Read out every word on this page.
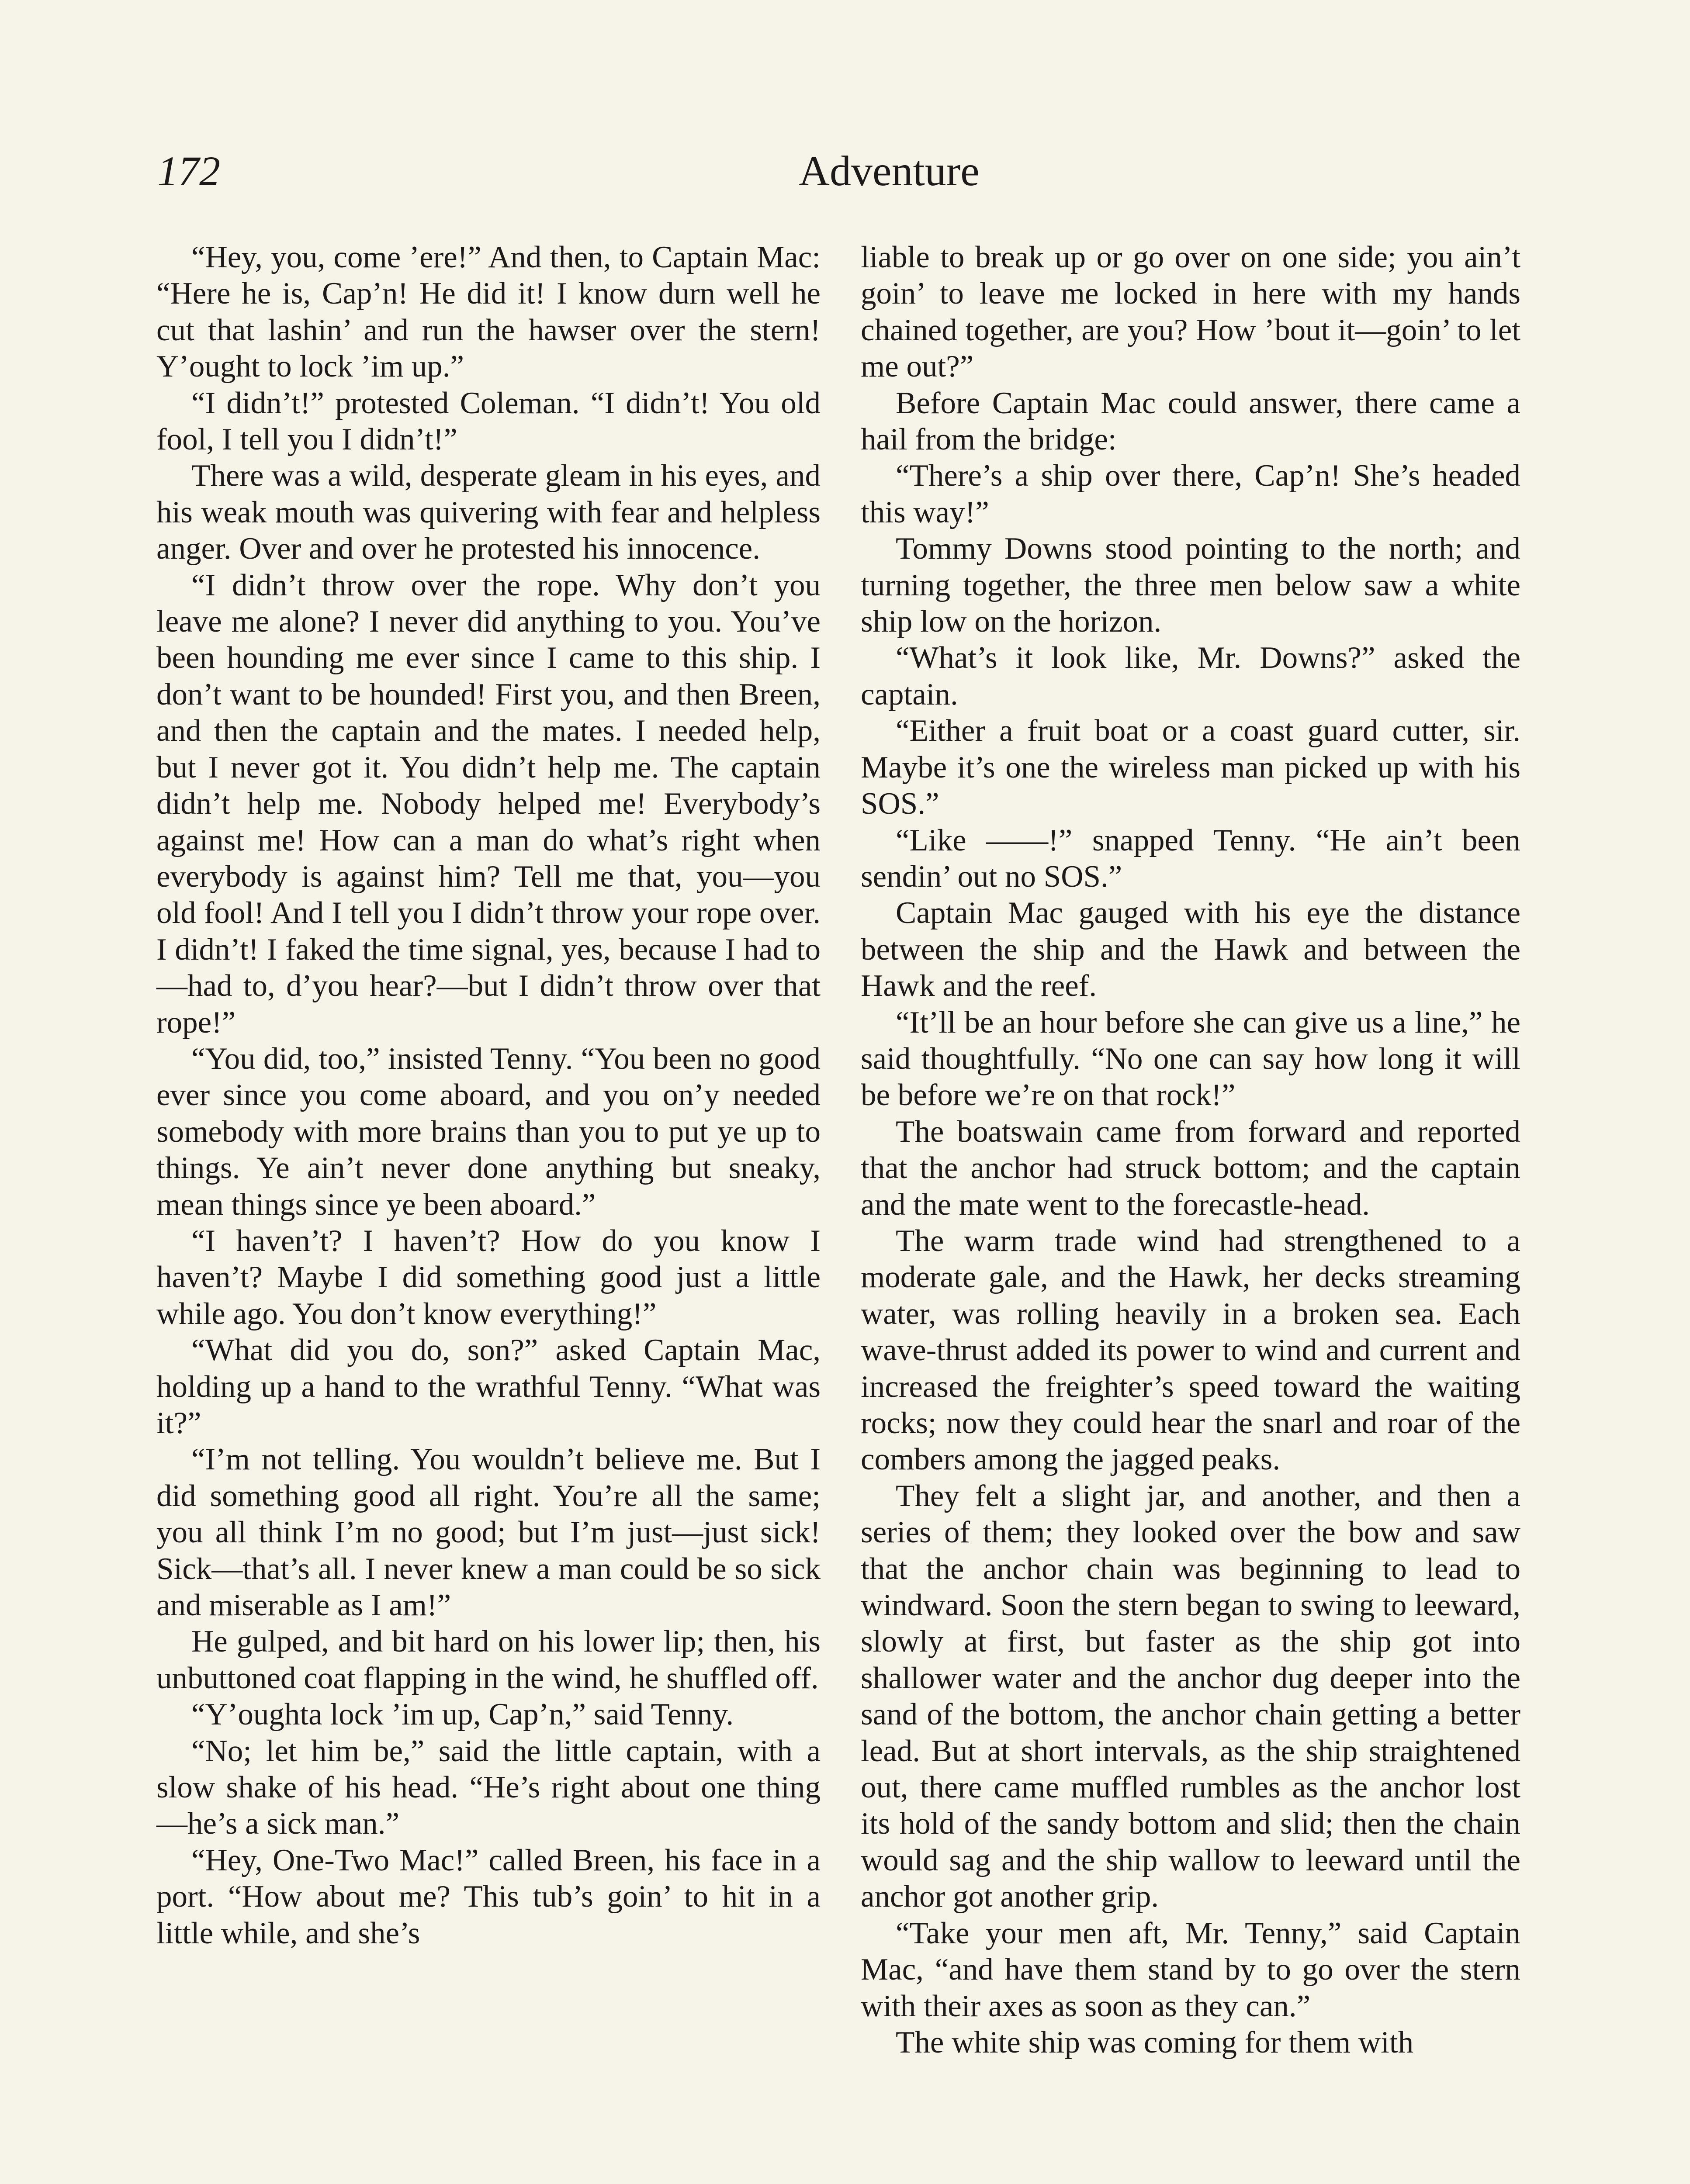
172	Adventure

“Hey, you, come ’ere!” And then, to Captain Mac: “Here he is, Cap’n! He did it! I know durn well he cut that lashin’ and run the hawser over the stern! Y’ought to lock ’im up.”

“I didn’t!” protested Coleman. “I didn’t! You old fool, I tell you I didn’t!”

There was a wild, desperate gleam in his eyes, and his weak mouth was quivering with fear and helpless anger. Over and over he protested his innocence.

“I didn’t throw over the rope. Why don’t you leave me alone? I never did anything to you. You’ve been hounding me ever since I came to this ship. I don’t want to be hounded! First you, and then Breen, and then the captain and the mates. I needed help, but I never got it. You didn’t help me. The captain didn’t help me. Nobody helped me! Everybody’s against me! How can a man do what’s right when everybody is against him? Tell me that, you—you old fool! And I tell you I didn’t throw your rope over. I didn’t! I faked the time signal, yes, because I had to—had to, d’you hear?—but I didn’t throw over that rope!”

“You did, too,” insisted Tenny. “You been no good ever since you come aboard, and you on’y needed somebody with more brains than you to put ye up to things. Ye ain’t never done anything but sneaky, mean things since ye been aboard.”

“I haven’t? I haven’t? How do you know I haven’t? Maybe I did something good just a little while ago. You don’t know everything!”

“What did you do, son?” asked Captain Mac, holding up a hand to the wrathful Tenny. “What was it?”

“I’m not telling. You wouldn’t believe me. But I did something good all right. You’re all the same; you all think I’m no good; but I’m just—just sick! Sick—that’s all. I never knew a man could be so sick and miserable as I am!”

He gulped, and bit hard on his lower lip; then, his unbuttoned coat flapping in the wind, he shuffled off.

“Y’oughta lock ’im up, Cap’n,” said Tenny.

“No; let him be,” said the little captain, with a slow shake of his head. “He’s right about one thing—he’s a sick man.”

“Hey, One-Two Mac!” called Breen, his face in a port. “How about me? This tub’s goin’ to hit in a little while, and she’s

liable to break up or go over on one side; you ain’t goin’ to leave me locked in here with my hands chained together, are you? How ’bout it—goin’ to let me out?”

Before Captain Mac could answer, there came a hail from the bridge:

“There’s a ship over there, Cap’n! She’s headed this way!”

Tommy Downs stood pointing to the north; and turning together, the three men below saw a white ship low on the horizon.

“What’s it look like, Mr. Downs?” asked the captain.

“Either a fruit boat or a coast guard cutter, sir. Maybe it’s one the wireless man picked up with his SOS.”

“Like ——!” snapped Tenny. “He ain’t been sendin’ out no SOS.”

Captain Mac gauged with his eye the distance between the ship and the Hawk and between the Hawk and the reef.

“It’ll be an hour before she can give us a line,” he said thoughtfully. “No one can say how long it will be before we’re on that rock!”

The boatswain came from forward and reported that the anchor had struck bottom; and the captain and the mate went to the forecastle-head.

The warm trade wind had strengthened to a moderate gale, and the Hawk, her decks streaming water, was rolling heavily in a broken sea. Each wave-thrust added its power to wind and current and increased the freighter’s speed toward the waiting rocks; now they could hear the snarl and roar of the combers among the jagged peaks.

They felt a slight jar, and another, and then a series of them; they looked over the bow and saw that the anchor chain was beginning to lead to windward. Soon the stern began to swing to leeward, slowly at first, but faster as the ship got into shallower water and the anchor dug deeper into the sand of the bottom, the anchor chain getting a better lead. But at short intervals, as the ship straightened out, there came muffled rumbles as the anchor lost its hold of the sandy bottom and slid; then the chain would sag and the ship wallow to leeward until the anchor got another grip.

“Take your men aft, Mr. Tenny,” said Captain Mac, “and have them stand by to go over the stern with their axes as soon as they can.”

The white ship was coming for them with
